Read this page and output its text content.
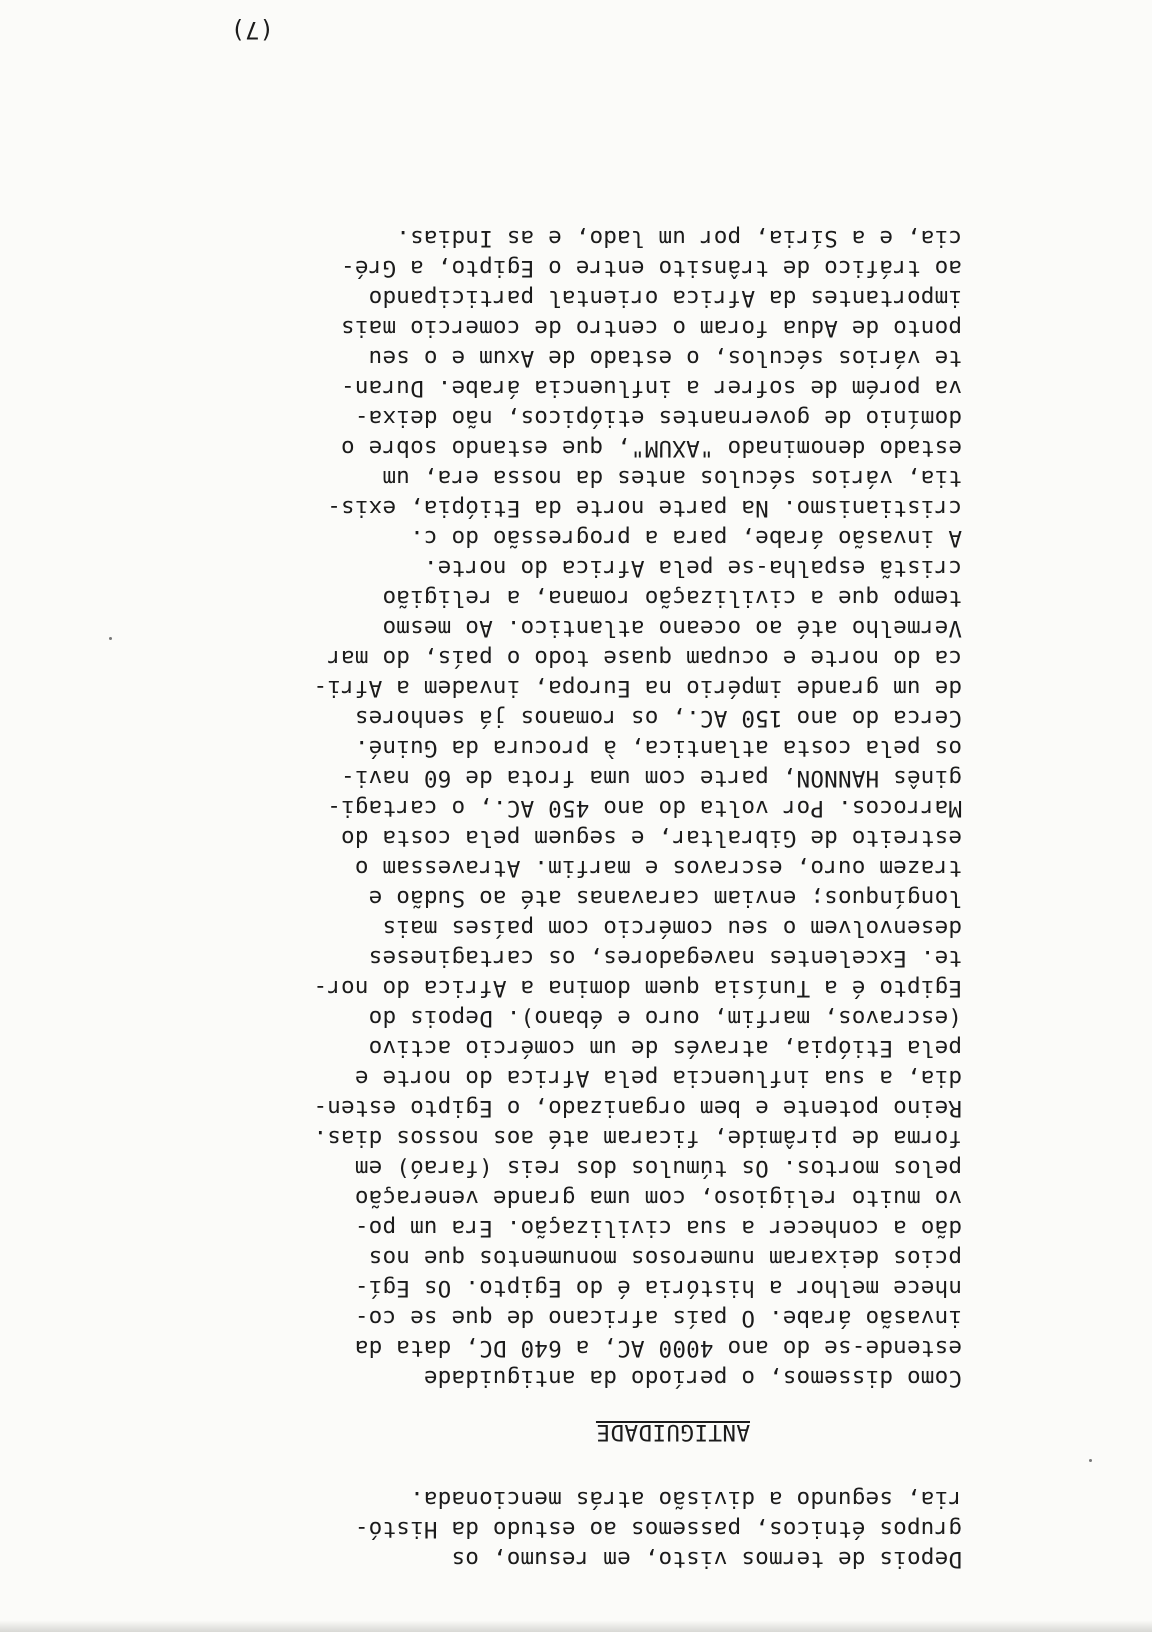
Depois de termos visto, em resumo, os
grupos étnicos, passemos ao estudo da Histó-
ria, segundo a divisão atrás mencionada.
ANTIGUIDADE
Como dissemos, o período da antiguidade
estende-se do ano 4000 AC, a 640 DC, data da
invasão árabe. O país africano de que se co-
nhece melhor a história é do Egipto. Os Egí-
pcios deixaram numerosos monumentos que nos
dão a conhecer a sua civilização. Era um po-
vo muito religioso, com uma grande veneração
pelos mortos. Os túmulos dos reis (faraó) em
forma de pirâmide, ficaram até aos nossos dias.
Reino potente e bem organizado, o Egipto esten-
dia, a sua influencia pela Africa do norte e
pela Etiópia, através de um comércio activo
(escravos, marfim, ouro e ébano). Depois do
Egipto é a Tunísia quem domina a Africa do nor-
te. Excelentes navegadores, os cartagineses
desenvolvem o seu comércio com países mais
longínquos; enviam caravanas até ao Sudão e
trazem ouro, escravos e marfim. Atravessam o
estreito de Gibraltar, e seguem pela costa do
Marrocos. Por volta do ano 450 AC., o cartagi-
ginês HANNON, parte com uma frota de 60 navi-
os pela costa atlantica, à procura da Guiné.
Cerca do ano 150 AC., os romanos já senhores
de um grande império na Europa, invadem a Afri-
ca do norte e ocupam quase todo o país, do mar
Vermelho até ao oceano atlantico. Ao mesmo
tempo que a civilização romana, a religião
cristã espalha-se pela Africa do norte.
A invasão árabe, para a progressão do c.
cristianismo. Na parte norte da Etiópia, exis-
tia, vários séculos antes da nossa era, um
estado denominado "AXUM", que estando sobre o
domínio de governantes etiópicos, não deixa-
va porém de sofrer a influencia árabe. Duran-
te vários séculos, o estado de Axum e o seu
ponto de Adua foram o centro de comercio mais
importantes da Africa oriental participando
ao tráfico de trânsito entre o Egipto, a Gré-
cia, e a Síria, por um lado, e as Indias.
(7)
